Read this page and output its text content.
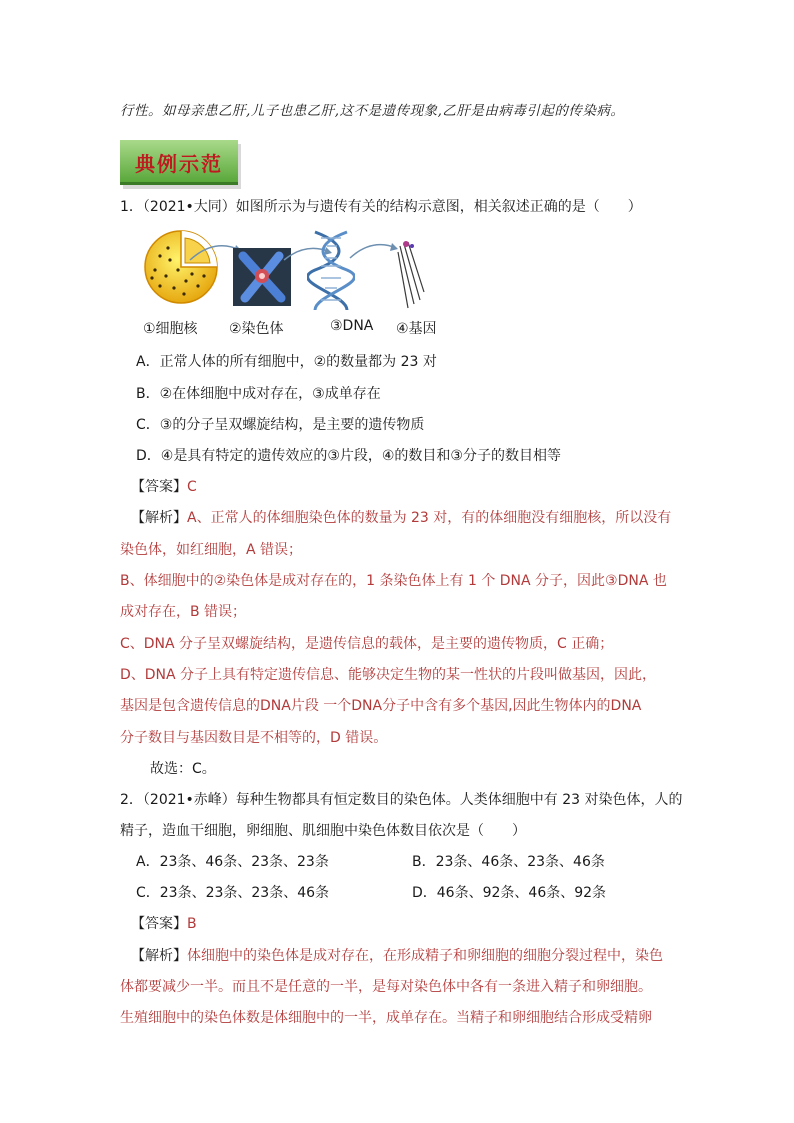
行性。如母亲患乙肝,儿子也患乙肝,这不是遗传现象,乙肝是由病毒引起的传染病。
典例示范
1．（2021•大同）如图所示为与遗传有关的结构示意图，相关叙述正确的是（　　）
①细胞核 ②染色体	③DNA ④基因
A．正常人体的所有细胞中，②的数量都为 23 对
B．②在体细胞中成对存在，③成单存在
C．③的分子呈双螺旋结构，是主要的遗传物质
D．④是具有特定的遗传效应的③片段，④的数目和③分子的数目相等
【答案】C
【解析】A、正常人的体细胞染色体的数量为 23 对，有的体细胞没有细胞核，所以没有
染色体，如红细胞，A 错误；
B、体细胞中的②染色体是成对存在的，1 条染色体上有 1 个 DNA 分子，因此③DNA 也
成对存在，B 错误；
C、DNA 分子呈双螺旋结构，是遗传信息的载体，是主要的遗传物质，C 正确；
D、DNA 分子上具有特定遗传信息、能够决定生物的某一性状的片段叫做基因，因此，
基因是包含遗传信息的DNA片段 一个DNA分子中含有多个基因,因此生物体内的DNA
分子数目与基因数目是不相等的，D 错误。
故选：C。
2．（2021•赤峰）每种生物都具有恒定数目的染色体。人类体细胞中有 23 对染色体，人的
精子，造血干细胞，卵细胞、肌细胞中染色体数目依次是（　　）
A．23条、46条、23条、23条	B．23条、46条、23条、46条
C．23条、23条、23条、46条	D．46条、92条、46条、92条
【答案】B
【解析】体细胞中的染色体是成对存在，在形成精子和卵细胞的细胞分裂过程中，染色
体都要减少一半。而且不是任意的一半，是每对染色体中各有一条进入精子和卵细胞。
生殖细胞中的染色体数是体细胞中的一半，成单存在。当精子和卵细胞结合形成受精卵
